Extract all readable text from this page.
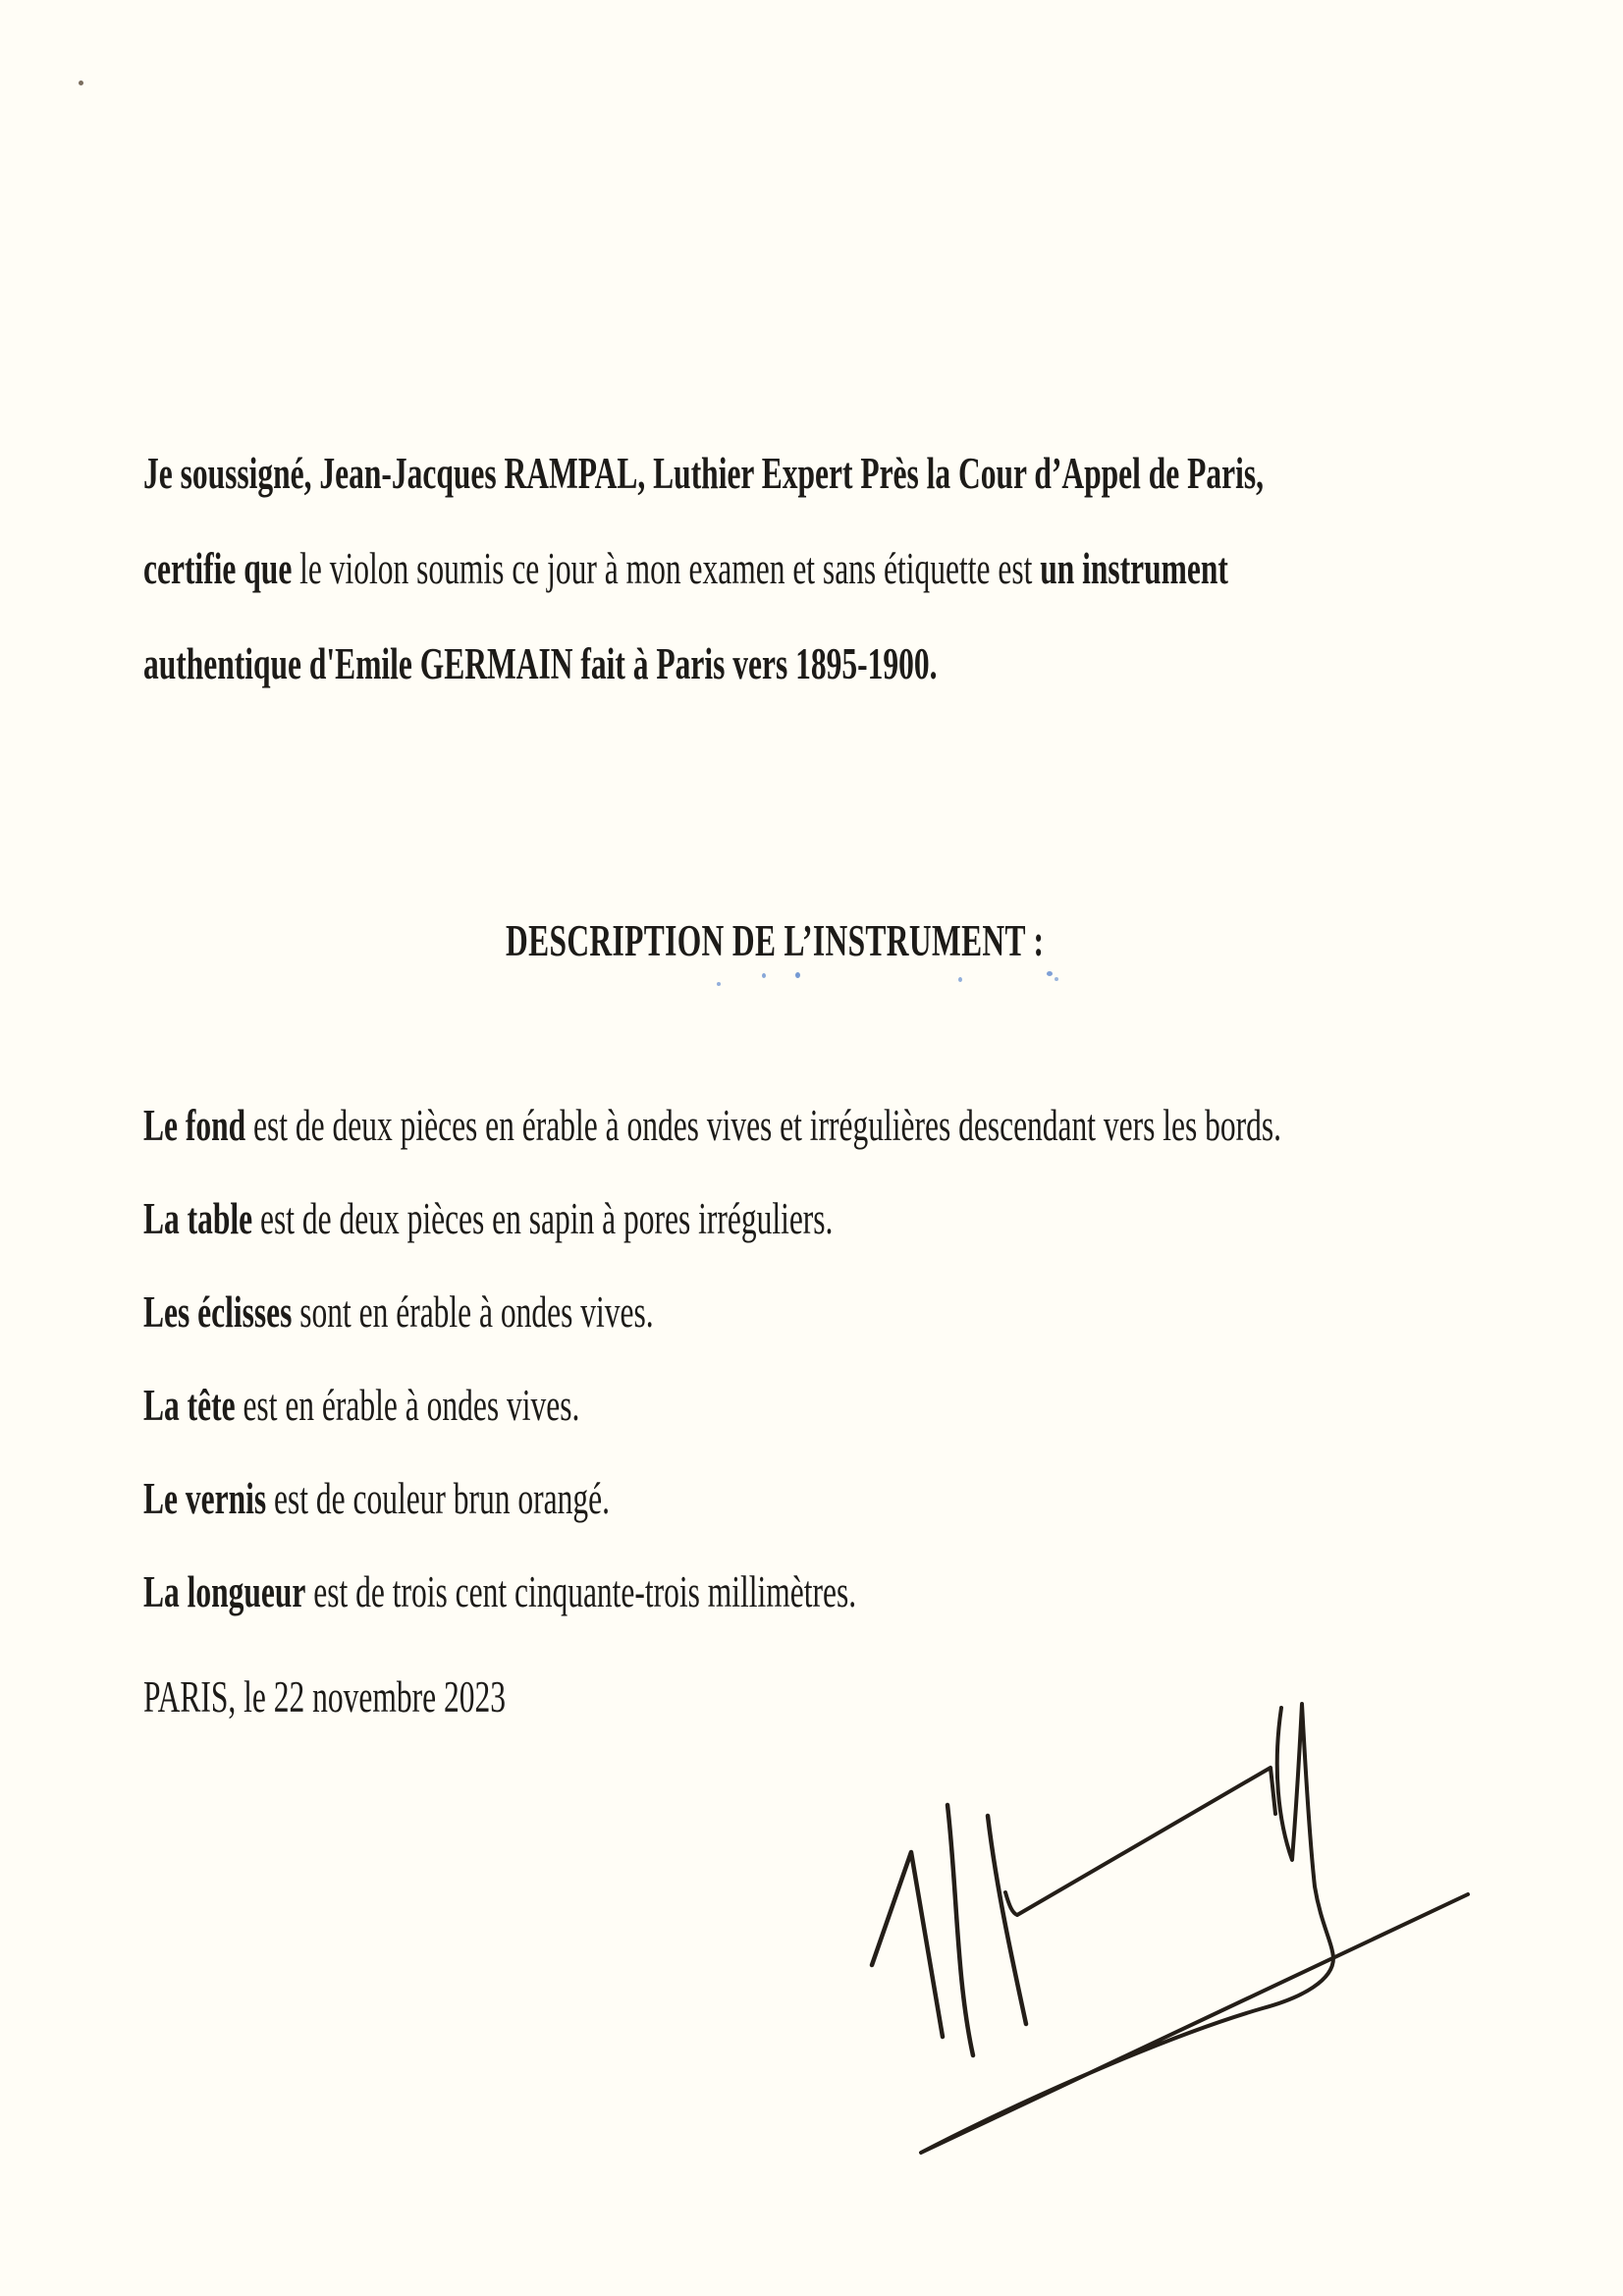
Je soussigné, Jean-Jacques RAMPAL, Luthier Expert Près la Cour d’Appel de Paris,
certifie que le violon soumis ce jour à mon examen et sans étiquette est un instrument
authentique d'Emile GERMAIN fait à Paris vers 1895-1900.
DESCRIPTION DE L’INSTRUMENT :
Le fond est de deux pièces en érable à ondes vives et irrégulières descendant vers les bords.
La table est de deux pièces en sapin à pores irréguliers.
Les éclisses sont en érable à ondes vives.
La tête est en érable à ondes vives.
Le vernis est de couleur brun orangé.
La longueur est de trois cent cinquante-trois millimètres.
PARIS, le 22 novembre 2023
